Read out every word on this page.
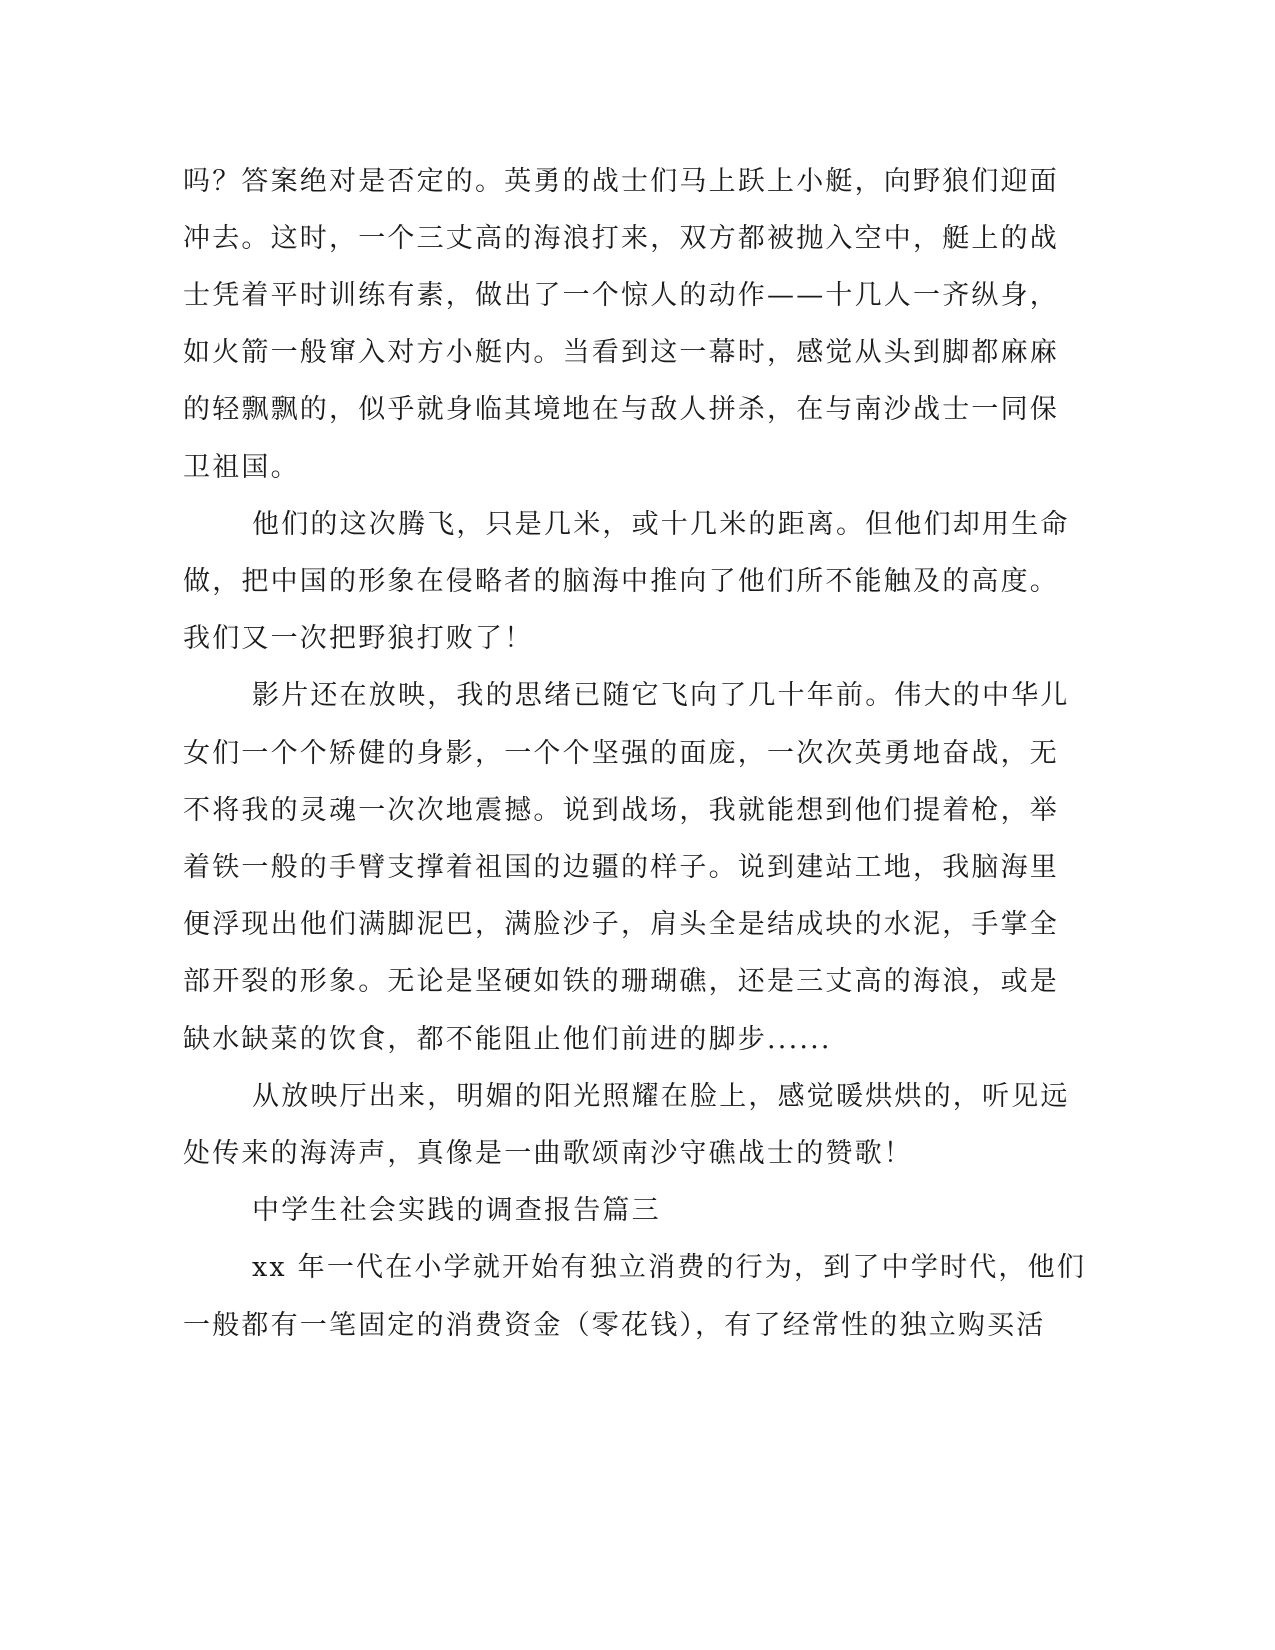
吗？答案绝对是否定的。英勇的战士们马上跃上小艇，向野狼们迎面

冲去。这时，一个三丈高的海浪打来，双方都被抛入空中，艇上的战

士凭着平时训练有素，做出了一个惊人的动作——十几人一齐纵身，

如火箭一般窜入对方小艇内。当看到这一幕时，感觉从头到脚都麻麻

的轻飘飘的，似乎就身临其境地在与敌人拼杀，在与南沙战士一同保

卫祖国。

他们的这次腾飞，只是几米，或十几米的距离。但他们却用生命

做，把中国的形象在侵略者的脑海中推向了他们所不能触及的高度。

我们又一次把野狼打败了！

影片还在放映，我的思绪已随它飞向了几十年前。伟大的中华儿

女们一个个矫健的身影，一个个坚强的面庞，一次次英勇地奋战，无

不将我的灵魂一次次地震撼。说到战场，我就能想到他们提着枪，举

着铁一般的手臂支撑着祖国的边疆的样子。说到建站工地，我脑海里

便浮现出他们满脚泥巴，满脸沙子，肩头全是结成块的水泥，手掌全

部开裂的形象。无论是坚硬如铁的珊瑚礁，还是三丈高的海浪，或是

缺水缺菜的饮食，都不能阻止他们前进的脚步......

从放映厅出来，明媚的阳光照耀在脸上，感觉暖烘烘的，听见远

处传来的海涛声，真像是一曲歌颂南沙守礁战士的赞歌！

中学生社会实践的调查报告篇三

xx 年一代在小学就开始有独立消费的行为，到了中学时代，他们

一般都有一笔固定的消费资金（零花钱），有了经常性的独立购买活
